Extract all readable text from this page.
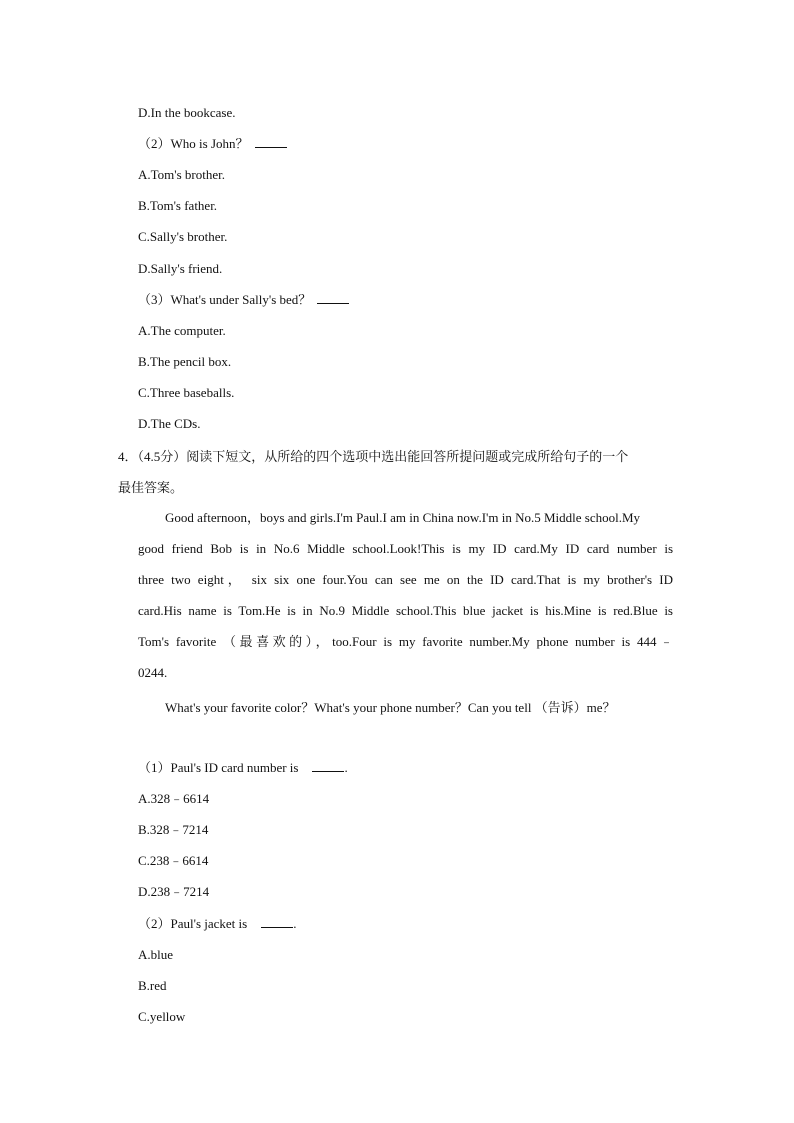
D.In the bookcase.
（2）Who is John？
A.Tom's brother.
B.Tom's father.
C.Sally's brother.
D.Sally's friend.
（3）What's under Sally's bed？
A.The computer.
B.The pencil box.
C.Three baseballs.
D.The CDs.
4．（4.5分）阅读下短文，从所给的四个选项中选出能回答所提问题或完成所给句子的一个
最佳答案。
Good afternoon，boys and girls.I'm Paul.I am in China now.I'm in No.5 Middle school.My
good friend Bob is in No.6 Middle school.Look!This is my ID card.My ID card number is
three two eight， six six one four.You can see me on the ID card.That is my brother's ID
card.His name is Tom.He is in No.9 Middle school.This blue jacket is his.Mine is red.Blue is
Tom's favorite （最喜欢的），too.Four is my favorite number.My phone number is 444﹣
0244.
What's your favorite color？What's your phone number？Can you tell （告诉）me？
（1）Paul's ID card number is	.
A.328﹣6614
B.328﹣7214
C.238﹣6614
D.238﹣7214
（2）Paul's jacket is	.
A.blue
B.red
C.yellow
